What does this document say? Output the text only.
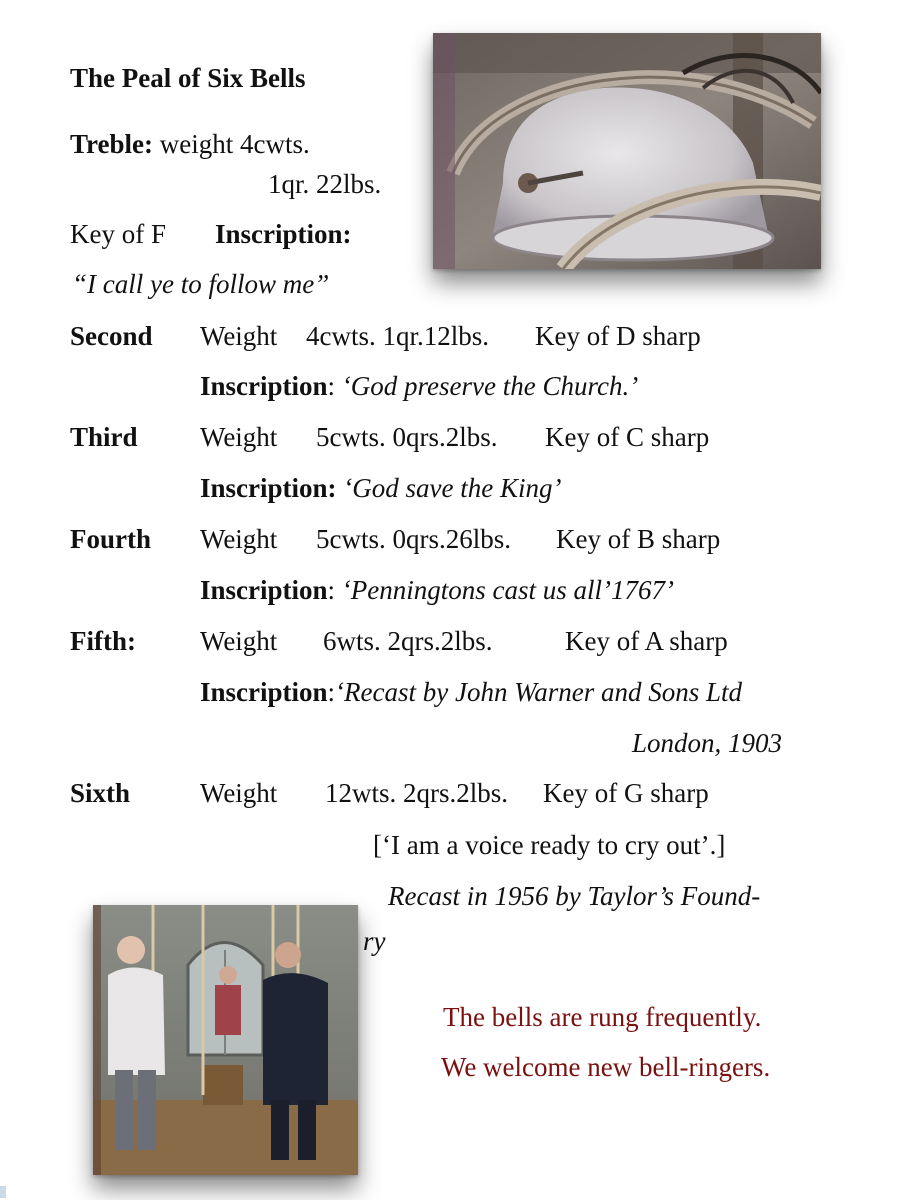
The Peal of Six Bells
Treble: weight 4cwts.
1qr. 22lbs.
Key of F Inscription:
“I call ye to follow me”
Second Weight 4cwts. 1qr.12lbs. Key of D sharp
Inscription: ‘God preserve the Church.’
Third Weight 5cwts. 0qrs.2lbs. Key of C sharp
Inscription: ‘God save the King’
Fourth Weight 5cwts. 0qrs.26lbs. Key of B sharp
Inscription: ‘Penningtons cast us all’1767’
Fifth: Weight 6wts. 2qrs.2lbs.	Key of A sharp
Inscription:‘Recast by John Warner and Sons Ltd
London, 1903
Sixth	Weight 12wts. 2qrs.2lbs. Key of G sharp
[‘I am a voice ready to cry out’.]
Recast in 1956 by Taylor’s Found-
ry
The bells are rung frequently.
We welcome new bell-ringers.
